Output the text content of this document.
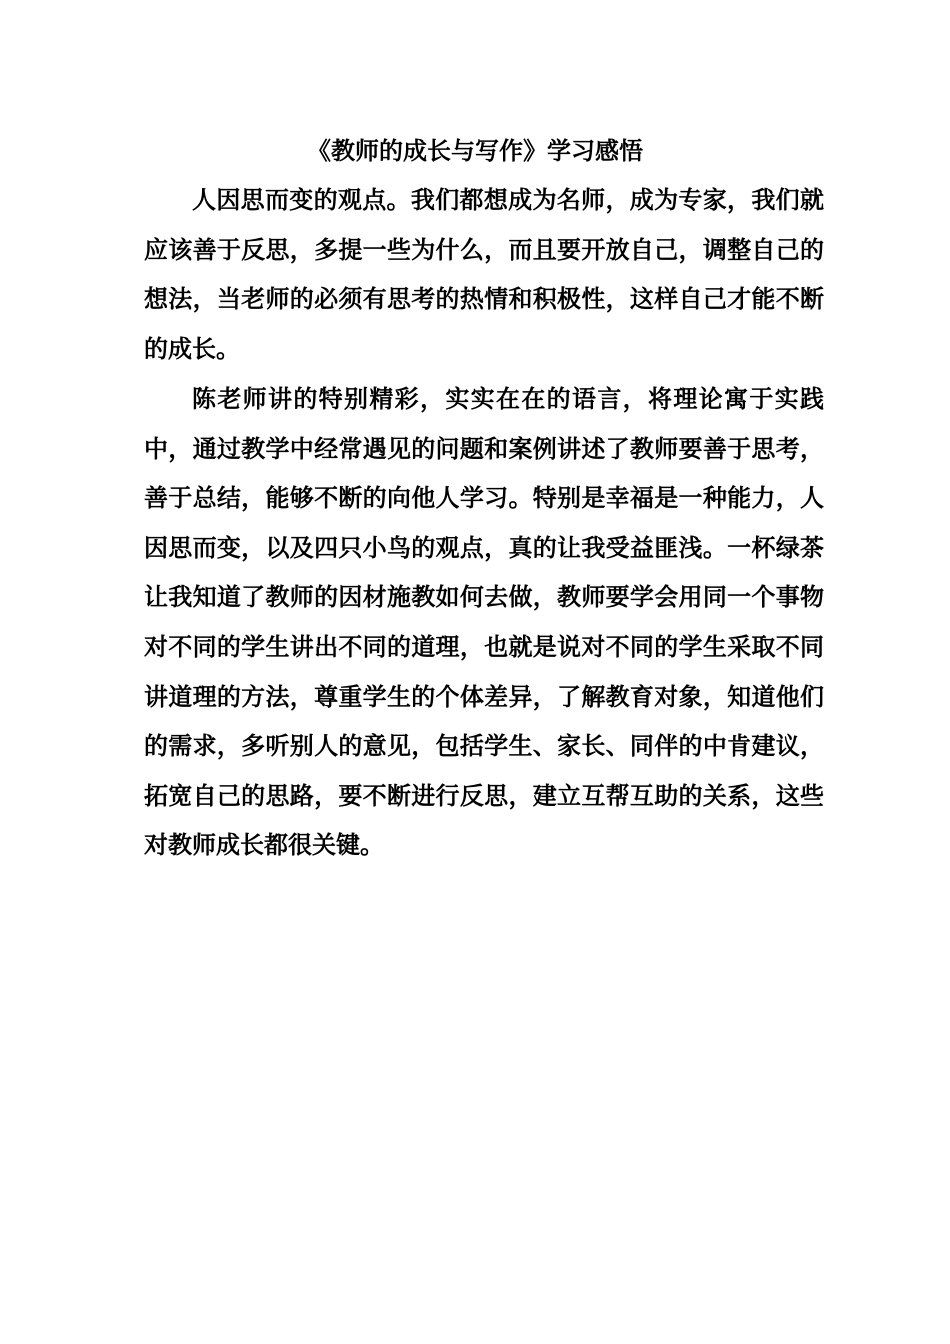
《教师的成长与写作》学习感悟

人因思而变的观点。我们都想成为名师，成为专家，我们就应该善于反思，多提一些为什么，而且要开放自己，调整自己的想法，当老师的必须有思考的热情和积极性，这样自己才能不断的成长。

陈老师讲的特别精彩，实实在在的语言，将理论寓于实践中，通过教学中经常遇见的问题和案例讲述了教师要善于思考，善于总结，能够不断的向他人学习。特别是幸福是一种能力，人因思而变，以及四只小鸟的观点，真的让我受益匪浅。一杯绿茶让我知道了教师的因材施教如何去做，教师要学会用同一个事物对不同的学生讲出不同的道理，也就是说对不同的学生采取不同讲道理的方法，尊重学生的个体差异，了解教育对象，知道他们的需求，多听别人的意见，包括学生、家长、同伴的中肯建议，拓宽自己的思路，要不断进行反思，建立互帮互助的关系，这些对教师成长都很关键。
